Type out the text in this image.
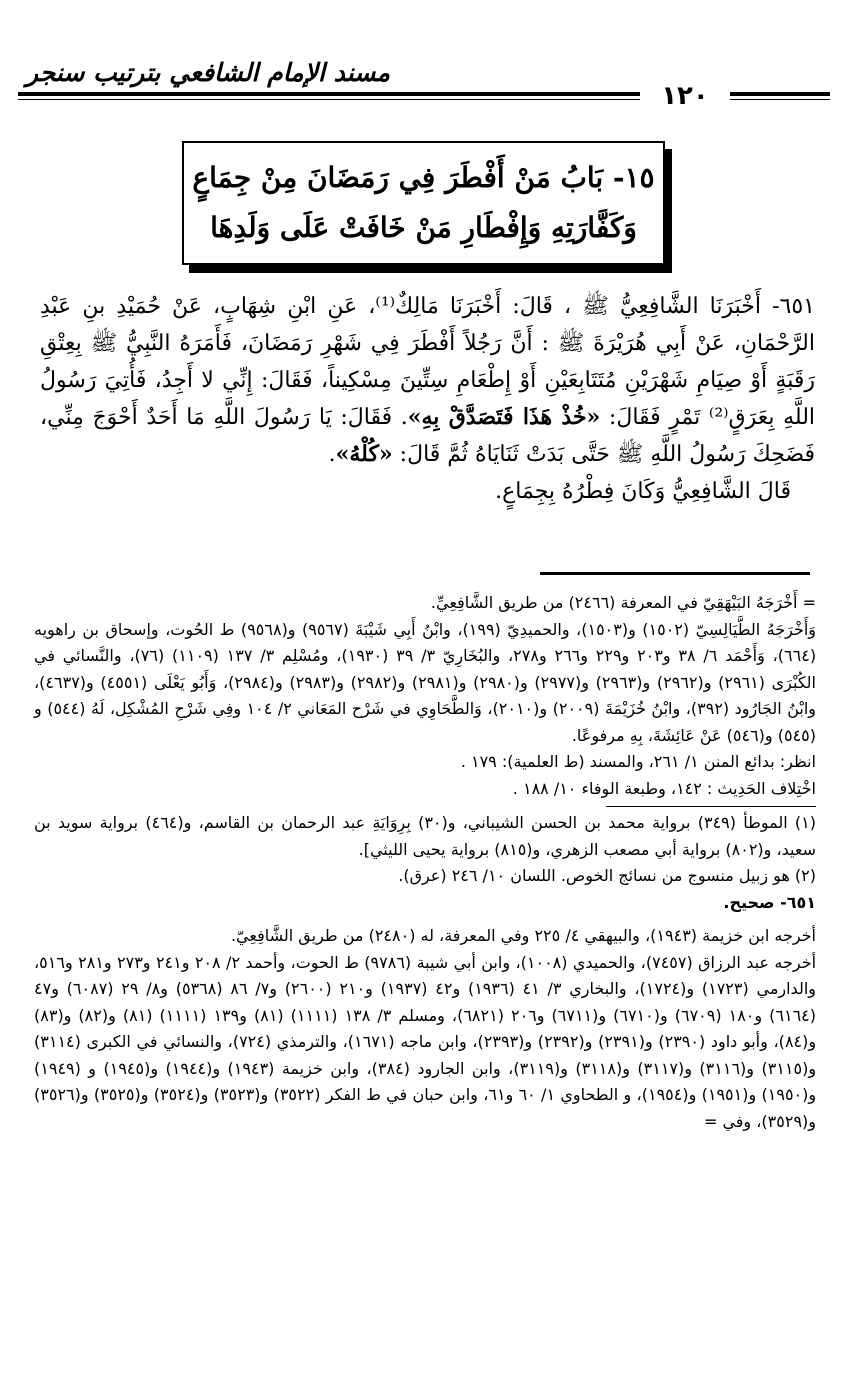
مسند الإمام الشافعي بترتيب سنجر
١٢٠
١٥- بَابُ مَنْ أَفْطَرَ فِي رَمَضَانَ مِنْ جِمَاعٍ
وَكَفَّارَتِهِ وَإِفْطَارِ مَنْ خَافَتْ عَلَى وَلَدِهَا

٦٥١- أَخْبَرَنَا الشَّافِعِيُّ ﷺ ، قَالَ: أَخْبَرَنَا مَالِكٌ⁽¹⁾، عَنِ ابْنِ شِهَابٍ، عَنْ حُمَيْدِ بنِ عَبْدِ الرَّحْمَانِ، عَنْ أَبِي هُرَيْرَةَ ﷺ : أَنَّ رَجُلاً أَفْطَرَ فِي شَهْرِ رَمَضَانَ، فَأَمَرَهُ النَّبِيُّ ﷺ بِعِتْقِ رَقَبَةٍ أَوْ صِيَامِ شَهْرَيْنِ مُتَتَابِعَيْنِ أَوْ إِطْعَامِ سِتِّينَ مِسْكِيناً، فَقَالَ: إِنِّي لا أَجِدُ، فَأُتِيَ رَسُولُ اللَّهِ بِعَرَقٍ⁽²⁾ تَمْرٍ فَقَالَ: «خُذْ هَذَا فَتَصَدَّقْ بِهِ». فَقَالَ: يَا رَسُولَ اللَّهِ مَا أَحَدٌ أَحْوَجَ مِنِّي، فَضَحِكَ رَسُولُ اللَّهِ ﷺ حَتَّى بَدَتْ ثَنَايَاهُ ثُمَّ قَالَ: «كُلْهُ».

قَالَ الشَّافِعِيُّ وَكَانَ فِطْرُهُ بِجِمَاعٍ.

= أَخْرَجَهُ البَيْهَقِيّ في المعرفة (٢٤٦٦) من طريق الشَّافِعِيِّ.

وَأَخْرَجَهُ الطَّيَالِسِيّ (١٥٠٢) و(١٥٠٣)، والحميدِيّ (١٩٩)، وابْنُ أَبِي شَيْبَةَ (٩٥٦٧) و(٩٥٦٨) ط الحُوت، وإسحاق بن راهويه (٦٦٤)، وَأَحْمَد ٦/ ٣٨ و٢٠٣ و٢٢٩ و٢٦٦ و٢٧٨، والبُخَارِيّ ٣/ ٣٩ (١٩٣٠)، ومُسْلِم ٣/ ١٣٧ (١١٠٩) (٧٦)، والنَّسائي في الكُبْرَى (٢٩٦١) و(٢٩٦٢) و(٢٩٦٣) و(٢٩٧٧) و(٢٩٨٠) و(٢٩٨١) و(٢٩٨٢) و(٢٩٨٣) و(٢٩٨٤)، وَأَبُو يَعْلَى (٤٥٥١) و(٤٦٣٧)، وابْنُ الجَارُود (٣٩٢)، وابْنُ خُزَيْمَةَ (٢٠٠٩) و(٢٠١٠)، وَالطَّحَاوِي في شَرْح المَعَاني ٢/ ١٠٤ وفِي شَرْحِ المُشْكِل، لَهُ (٥٤٤) و (٥٤٥) و(٥٤٦) عَنْ عَائِشَةَ، بِهِ مرفوعًا.

انظر: بدائع المنن ١/ ٢٦١، والمسند (ط العلمية): ١٧٩ .

اخْتِلاف الحَدِيث : ١٤٢، وطبعة الوفاء ١٠/ ١٨٨ .

(١) الموطأ (٣٤٩) برواية محمد بن الحسن الشيباني، و(٣٠) بِرِوَايَةِ عبد الرحمان بن القاسم، و(٤٦٤) برواية سويد بن سعيد، و(٨٠٢) برواية أبي مصعب الزهري، و(٨١٥) برواية يحيى الليثي].

(٢) هو زبيل منسوج من نسائج الخوص. اللسان ١٠/ ٢٤٦ (عرق).

٦٥١- صحيح.

أخرجه ابن خزيمة (١٩٤٣)، والبيهقي ٤/ ٢٢٥ وفي المعرفة، له (٢٤٨٠) من طريق الشَّافِعِيّ.

أخرجه عبد الرزاق (٧٤٥٧)، والحميدي (١٠٠٨)، وابن أبي شيبة (٩٧٨٦) ط الحوت، وأحمد ٢/ ٢٠٨ و٢٤١ و٢٧٣ و٢٨١ و٥١٦، والدارمي (١٧٢٣) و(١٧٢٤)، والبخاري ٣/ ٤١ (١٩٣٦) و٤٢ (١٩٣٧) و٢١٠ (٢٦٠٠) و٧/ ٨٦ (٥٣٦٨) و٨/ ٢٩ (٦٠٨٧) و٤٧ (٦١٦٤) و١٨٠ (٦٧٠٩) و(٦٧١٠) و(٦٧١١) و٢٠٦ (٦٨٢١)، ومسلم ٣/ ١٣٨ (١١١١) (٨١) و١٣٩ (١١١١) (٨١) و(٨٢) و(٨٣) و(٨٤)، وأبو داود (٢٣٩٠) و(٢٣٩١) و(٢٣٩٢) و(٢٣٩٣)، وابن ماجه (١٦٧١)، والترمذي (٧٢٤)، والنسائي في الكبرى (٣١١٤) و(٣١١٥) و(٣١١٦) و(٣١١٧) و(٣١١٨) و(٣١١٩)، وابن الجارود (٣٨٤)، وابن خزيمة (١٩٤٣) و(١٩٤٤) و(١٩٤٥) و (١٩٤٩) و(١٩٥٠) و(١٩٥١) و(١٩٥٤)، و الطحاوي ١/ ٦٠ و٦١، وابن حبان في ط الفكر (٣٥٢٢) و(٣٥٢٣) و(٣٥٢٤) و(٣٥٢٥) و(٣٥٢٦) و(٣٥٢٩)، وفي =
